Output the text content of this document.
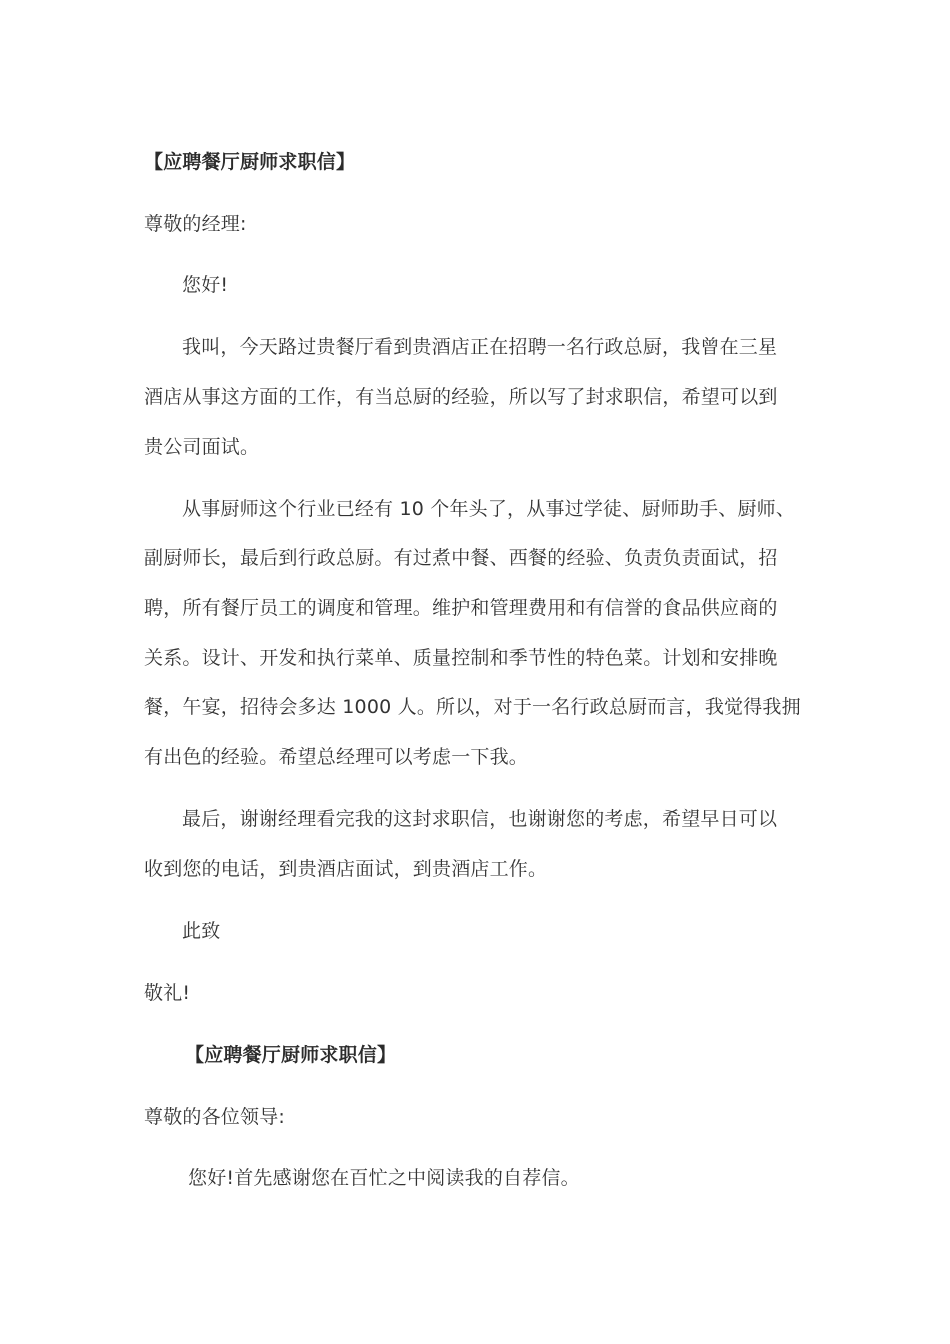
【应聘餐厅厨师求职信】
尊敬的经理:
您好!
我叫，今天路过贵餐厅看到贵酒店正在招聘一名行政总厨，我曾在三星
酒店从事这方面的工作，有当总厨的经验，所以写了封求职信，希望可以到
贵公司面试。
从事厨师这个行业已经有 10 个年头了，从事过学徒、厨师助手、厨师、
副厨师长，最后到行政总厨。有过煮中餐、西餐的经验、负责负责面试，招
聘，所有餐厅员工的调度和管理。维护和管理费用和有信誉的食品供应商的
关系。设计、开发和执行菜单、质量控制和季节性的特色菜。计划和安排晚
餐，午宴，招待会多达 1000 人。所以，对于一名行政总厨而言，我觉得我拥
有出色的经验。希望总经理可以考虑一下我。
最后，谢谢经理看完我的这封求职信，也谢谢您的考虑，希望早日可以
收到您的电话，到贵酒店面试，到贵酒店工作。
此致
敬礼!
【应聘餐厅厨师求职信】
尊敬的各位领导:
您好!首先感谢您在百忙之中阅读我的自荐信。
